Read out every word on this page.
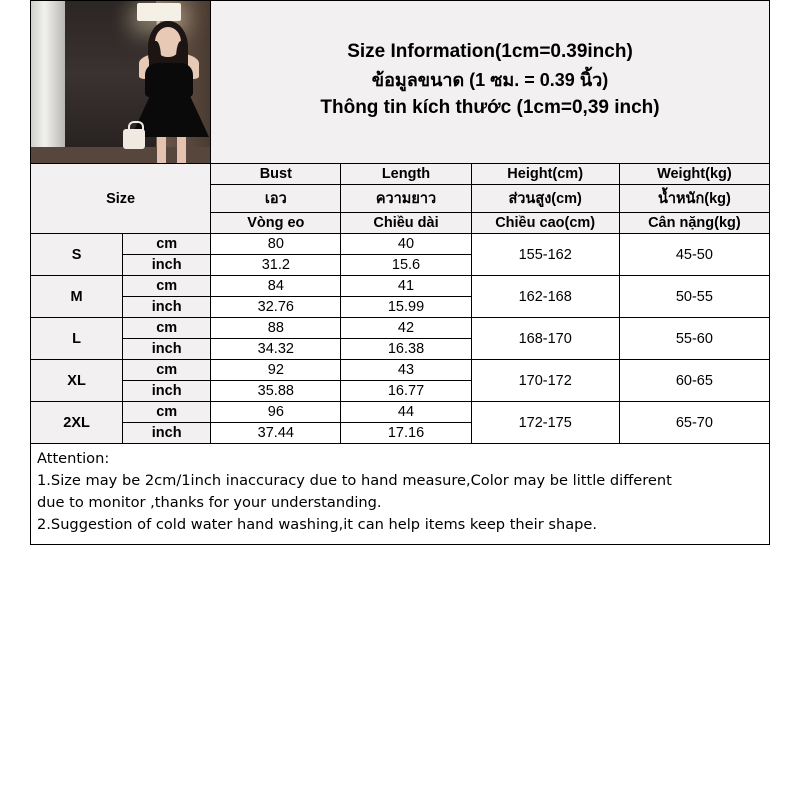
Size Information(1cm=0.39inch)
ข้อมูลขนาด (1 ซม. = 0.39 นิ้ว)
Thông tin kích thước (1cm=0,39 inch)
Size		Bust	Length	Height(cm)	Weight(kg)
		เอว	ความยาว	ส่วนสูง(cm)	น้ำหนัก(kg)
		Vòng eo	Chiều dài	Chiều cao(cm)	Cân nặng(kg)
S	cm	80	40	155-162	45-50
	inch	31.2	15.6		
M	cm	84	41	162-168	50-55
	inch	32.76	15.99		
L	cm	88	42	168-170	55-60
	inch	34.32	16.38		
XL	cm	92	43	170-172	60-65
	inch	35.88	16.77		
2XL	cm	96	44	172-175	65-70
	inch	37.44	17.16		

Attention:

1.Size may be 2cm/1inch inaccuracy due to hand measure,Color may be little different

due to monitor ,thanks for your understanding.

2.Suggestion of cold water hand washing,it can help items keep their shape.
